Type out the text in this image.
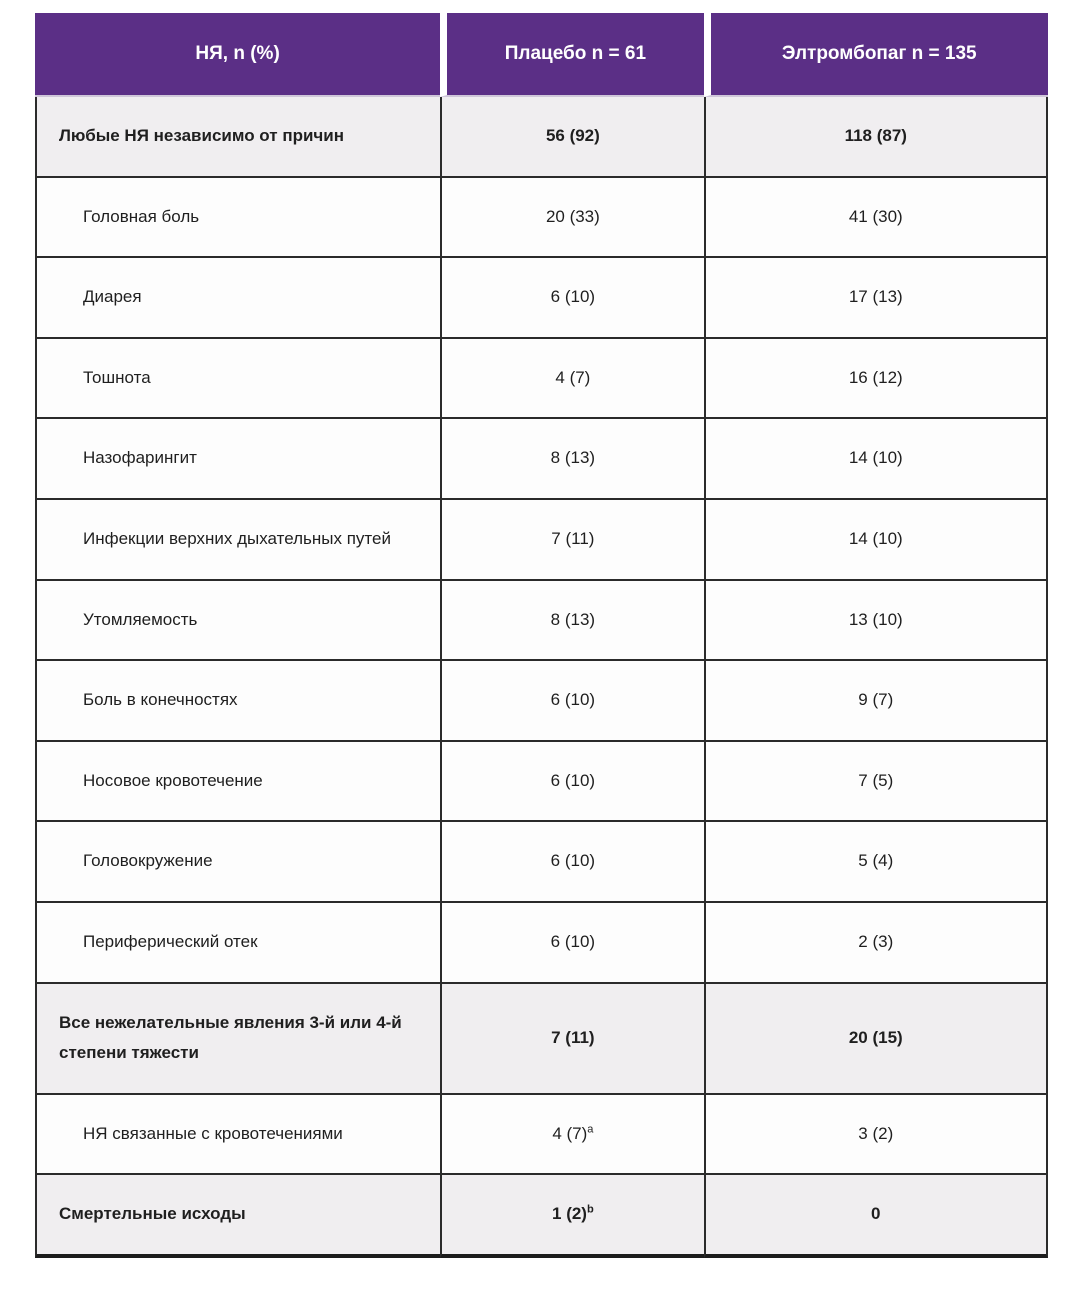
НЯ, n (%)	Плацебо n = 61	Элтромбопаг n = 135
Любые НЯ независимо от причин	56 (92)	118 (87)
Головная боль	20 (33)	41 (30)
Диарея	6 (10)	17 (13)
Тошнота	4 (7)	16 (12)
Назофарингит	8 (13)	14 (10)
Инфекции верхних дыхательных путей	7 (11)	14 (10)
Утомляемость	8 (13)	13 (10)
Боль в конечностях	6 (10)	9 (7)
Носовое кровотечение	6 (10)	7 (5)
Головокружение	6 (10)	5 (4)
Периферический отек	6 (10)	2 (3)
Все нежелательные явления 3-й или 4-й степени тяжести	7 (11)	20 (15)
НЯ связанные с кровотечениями	4 $(7)^a$	3 (2)
Смертельные исходы	1 $(2)^b$	0
